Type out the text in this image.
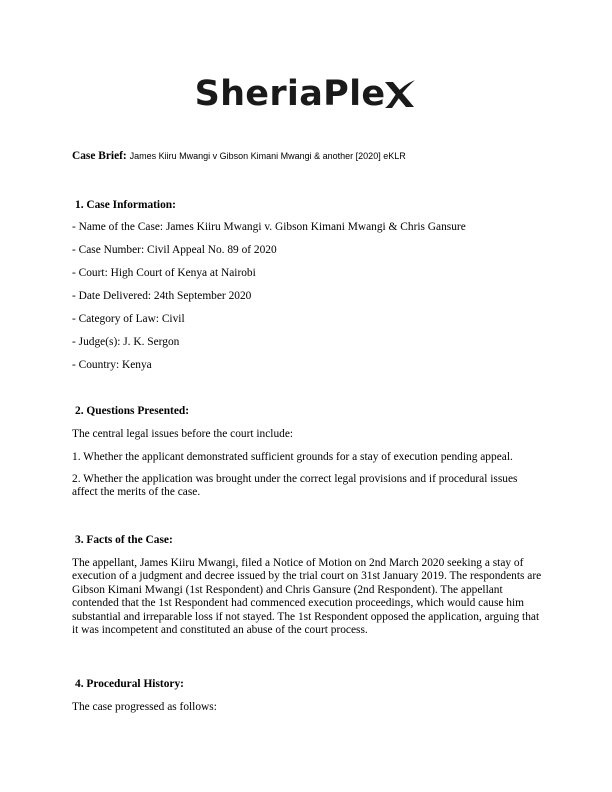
SheriaPle
Case Brief: James Kiiru Mwangi v Gibson Kimani Mwangi & another [2020] eKLR
1. Case Information:
- Name of the Case: James Kiiru Mwangi v. Gibson Kimani Mwangi & Chris Gansure
- Case Number: Civil Appeal No. 89 of 2020
- Court: High Court of Kenya at Nairobi
- Date Delivered: 24th September 2020
- Category of Law: Civil
- Judge(s): J. K. Sergon
- Country: Kenya
2. Questions Presented:
The central legal issues before the court include:
1. Whether the applicant demonstrated sufficient grounds for a stay of execution pending appeal.
2. Whether the application was brought under the correct legal provisions and if procedural issues affect the merits of the case.
3. Facts of the Case:
The appellant, James Kiiru Mwangi, filed a Notice of Motion on 2nd March 2020 seeking a stay of execution of a judgment and decree issued by the trial court on 31st January 2019. The respondents are Gibson Kimani Mwangi (1st Respondent) and Chris Gansure (2nd Respondent). The appellant contended that the 1st Respondent had commenced execution proceedings, which would cause him substantial and irreparable loss if not stayed. The 1st Respondent opposed the application, arguing that it was incompetent and constituted an abuse of the court process.
4. Procedural History:
The case progressed as follows:
